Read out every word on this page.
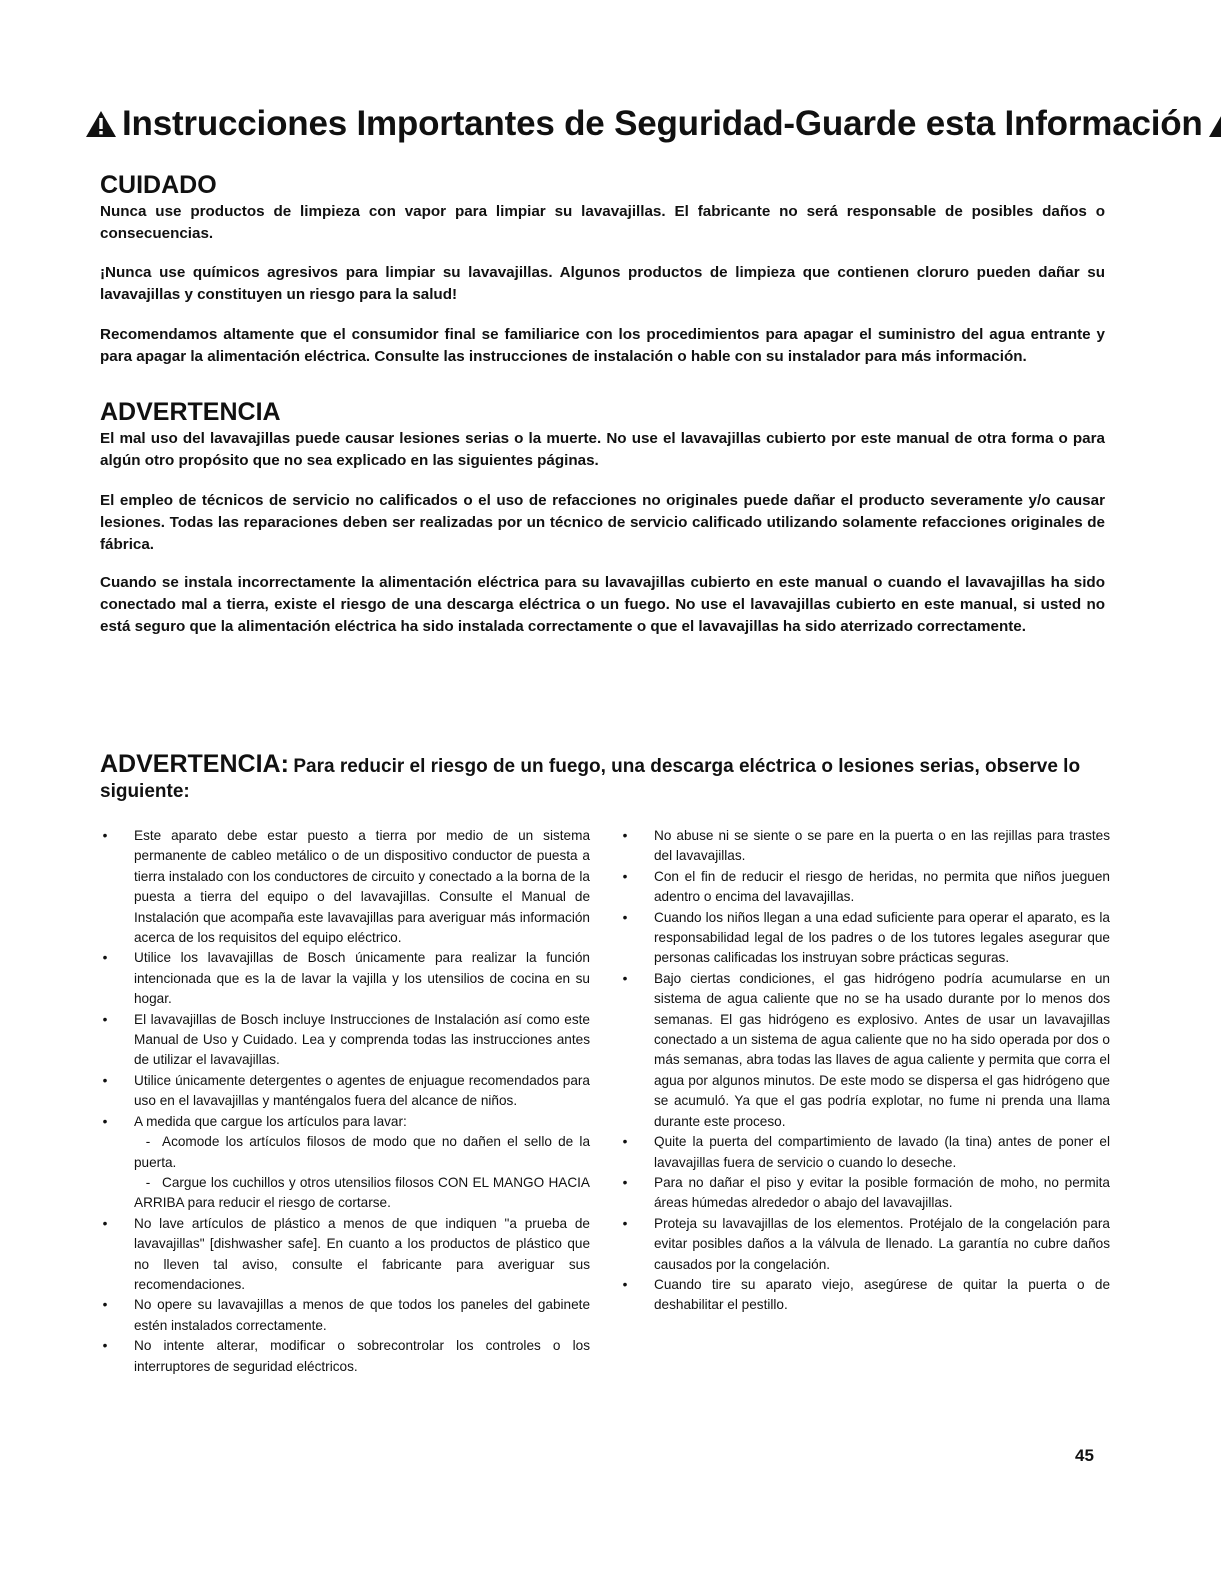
Instrucciones Importantes de Seguridad-Guarde esta Información
CUIDADO
Nunca use productos de limpieza con vapor para limpiar su lavavajillas. El fabricante no será responsable de posibles daños o consecuencias.
¡Nunca use químicos agresivos para limpiar su lavavajillas. Algunos productos de limpieza que contienen cloruro pueden dañar su lavavajillas y constituyen un riesgo para la salud!
Recomendamos altamente que el consumidor final se familiarice con los procedimientos para apagar el suministro del agua entrante y para apagar la alimentación eléctrica. Consulte las instrucciones de instalación o hable con su instalador para más información.
ADVERTENCIA
El mal uso del lavavajillas puede causar lesiones serias o la muerte. No use el lavavajillas cubierto por este manual de otra forma o para algún otro propósito que no sea explicado en las siguientes páginas.
El empleo de técnicos de servicio no calificados o el uso de refacciones no originales puede dañar el producto severamente y/o causar lesiones. Todas las reparaciones deben ser realizadas por un técnico de servicio calificado utilizando solamente refacciones originales de fábrica.
Cuando se instala incorrectamente la alimentación eléctrica para su lavavajillas cubierto en este manual o cuando el lavavajillas ha sido conectado mal a tierra, existe el riesgo de una descarga eléctrica o un fuego. No use el lavavajillas cubierto en este manual, si usted no está seguro que la alimentación eléctrica ha sido instalada correctamente o que el lavavajillas ha sido aterrizado correctamente.
ADVERTENCIA: Para reducir el riesgo de un fuego, una descarga eléctrica o lesiones serias, observe lo siguiente:
• Este aparato debe estar puesto a tierra por medio de un sistema permanente de cableo metálico o de un dispositivo conductor de puesta a tierra instalado con los conductores de circuito y conectado a la borna de la puesta a tierra del equipo o del lavavajillas. Consulte el Manual de Instalación que acompaña este lavavajillas para averiguar más información acerca de los requisitos del equipo eléctrico.
• Utilice los lavavajillas de Bosch únicamente para realizar la función intencionada que es la de lavar la vajilla y los utensilios de cocina en su hogar.
• El lavavajillas de Bosch incluye Instrucciones de Instalación así como este Manual de Uso y Cuidado. Lea y comprenda todas las instrucciones antes de utilizar el lavavajillas.
• Utilice únicamente detergentes o agentes de enjuague recomendados para uso en el lavavajillas y manténgalos fuera del alcance de niños.
• A medida que cargue los artículos para lavar:
- Acomode los artículos filosos de modo que no dañen el sello de la puerta.
- Cargue los cuchillos y otros utensilios filosos CON EL MANGO HACIA ARRIBA para reducir el riesgo de cortarse.
• No lave artículos de plástico a menos de que indiquen "a prueba de lavavajillas" [dishwasher safe]. En cuanto a los productos de plástico que no lleven tal aviso, consulte el fabricante para averiguar sus recomendaciones.
• No opere su lavavajillas a menos de que todos los paneles del gabinete estén instalados correctamente.
• No intente alterar, modificar o sobrecontrolar los controles o los interruptores de seguridad eléctricos.
• No abuse ni se siente o se pare en la puerta o en las rejillas para trastes del lavavajillas.
• Con el fin de reducir el riesgo de heridas, no permita que niños jueguen adentro o encima del lavavajillas.
• Cuando los niños llegan a una edad suficiente para operar el aparato, es la responsabilidad legal de los padres o de los tutores legales asegurar que personas calificadas los instruyan sobre prácticas seguras.
• Bajo ciertas condiciones, el gas hidrógeno podría acumularse en un sistema de agua caliente que no se ha usado durante por lo menos dos semanas. El gas hidrógeno es explosivo. Antes de usar un lavavajillas conectado a un sistema de agua caliente que no ha sido operada por dos o más semanas, abra todas las llaves de agua caliente y permita que corra el agua por algunos minutos. De este modo se dispersa el gas hidrógeno que se acumuló. Ya que el gas podría explotar, no fume ni prenda una llama durante este proceso.
• Quite la puerta del compartimiento de lavado (la tina) antes de poner el lavavajillas fuera de servicio o cuando lo deseche.
• Para no dañar el piso y evitar la posible formación de moho, no permita áreas húmedas alrededor o abajo del lavavajillas.
• Proteja su lavavajillas de los elementos. Protéjalo de la congelación para evitar posibles daños a la válvula de llenado. La garantía no cubre daños causados por la congelación.
• Cuando tire su aparato viejo, asegúrese de quitar la puerta o de deshabilitar el pestillo.
45
